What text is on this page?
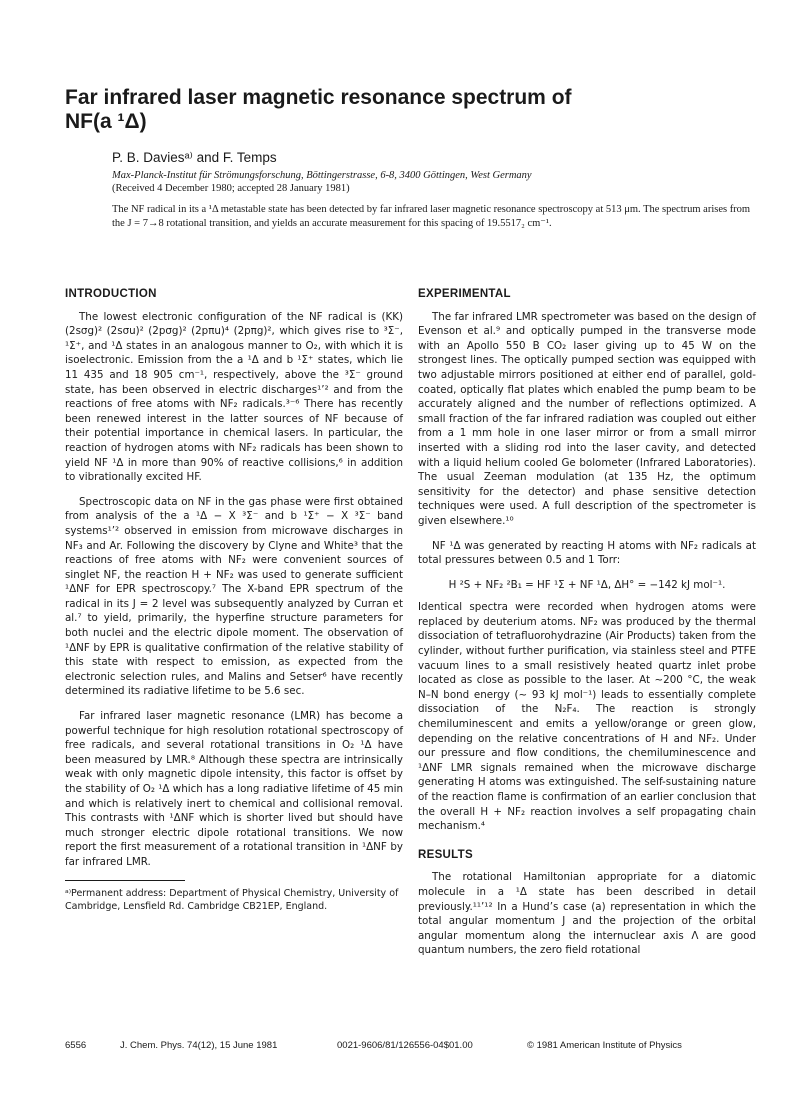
Far infrared laser magnetic resonance spectrum of
NF(a ¹Δ)

P. B. Daviesᵃ⁾ and F. Temps

Max-Planck-Institut für Strömungsforschung, Böttingerstrasse, 6-8, 3400 Göttingen, West Germany

(Received 4 December 1980; accepted 28 January 1981)

The NF radical in its a ¹Δ metastable state has been detected by far infrared laser magnetic resonance spectroscopy at 513 μm. The spectrum arises from the J = 7→8 rotational transition, and yields an accurate measurement for this spacing of 19.5517₂ cm⁻¹.

INTRODUCTION

The lowest electronic configuration of the NF radical is (KK) (2sσg)² (2sσu)² (2pσg)² (2pπu)⁴ (2pπg)², which gives rise to ³Σ⁻, ¹Σ⁺, and ¹Δ states in an analogous manner to O₂, with which it is isoelectronic. Emission from the a ¹Δ and b ¹Σ⁺ states, which lie 11 435 and 18 905 cm⁻¹, respectively, above the ³Σ⁻ ground state, has been observed in electric discharges¹ʼ² and from the reactions of free atoms with NF₂ radicals.³⁻⁶ There has recently been renewed interest in the latter sources of NF because of their potential importance in chemical lasers. In particular, the reaction of hydrogen atoms with NF₂ radicals has been shown to yield NF ¹Δ in more than 90% of reactive collisions,⁶ in addition to vibrationally excited HF.

Spectroscopic data on NF in the gas phase were first obtained from analysis of the a ¹Δ − X ³Σ⁻ and b ¹Σ⁺ − X ³Σ⁻ band systems¹ʼ² observed in emission from microwave discharges in NF₃ and Ar. Following the discovery by Clyne and White³ that the reactions of free atoms with NF₂ were convenient sources of singlet NF, the reaction H + NF₂ was used to generate sufficient ¹ΔNF for EPR spectroscopy.⁷ The X-band EPR spectrum of the radical in its J = 2 level was subsequently analyzed by Curran et al.⁷ to yield, primarily, the hyperfine structure parameters for both nuclei and the electric dipole moment. The observation of ¹ΔNF by EPR is qualitative confirmation of the relative stability of this state with respect to emission, as expected from the electronic selection rules, and Malins and Setser⁶ have recently determined its radiative lifetime to be 5.6 sec.

Far infrared laser magnetic resonance (LMR) has become a powerful technique for high resolution rotational spectroscopy of free radicals, and several rotational transitions in O₂ ¹Δ have been measured by LMR.⁸ Although these spectra are intrinsically weak with only magnetic dipole intensity, this factor is offset by the stability of O₂ ¹Δ which has a long radiative lifetime of 45 min and which is relatively inert to chemical and collisional removal. This contrasts with ¹ΔNF which is shorter lived but should have much stronger electric dipole rotational transitions. We now report the first measurement of a rotational transition in ¹ΔNF by far infrared LMR.

ᵃ⁾Permanent address: Department of Physical Chemistry, University of Cambridge, Lensfield Rd. Cambridge CB21EP, England.

EXPERIMENTAL

The far infrared LMR spectrometer was based on the design of Evenson et al.⁹ and optically pumped in the transverse mode with an Apollo 550 B CO₂ laser giving up to 45 W on the strongest lines. The optically pumped section was equipped with two adjustable mirrors positioned at either end of parallel, gold-coated, optically flat plates which enabled the pump beam to be accurately aligned and the number of reflections optimized. A small fraction of the far infrared radiation was coupled out either from a 1 mm hole in one laser mirror or from a small mirror inserted with a sliding rod into the laser cavity, and detected with a liquid helium cooled Ge bolometer (Infrared Laboratories). The usual Zeeman modulation (at 135 Hz, the optimum sensitivity for the detector) and phase sensitive detection techniques were used. A full description of the spectrometer is given elsewhere.¹⁰

NF ¹Δ was generated by reacting H atoms with NF₂ radicals at total pressures between 0.5 and 1 Torr:

H ²S + NF₂ ²B₁ = HF ¹Σ + NF ¹Δ, ΔH° = −142 kJ mol⁻¹.

Identical spectra were recorded when hydrogen atoms were replaced by deuterium atoms. NF₂ was produced by the thermal dissociation of tetrafluorohydrazine (Air Products) taken from the cylinder, without further purification, via stainless steel and PTFE vacuum lines to a small resistively heated quartz inlet probe located as close as possible to the laser. At ~200 °C, the weak N–N bond energy (~ 93 kJ mol⁻¹) leads to essentially complete dissociation of the N₂F₄. The reaction is strongly chemiluminescent and emits a yellow/orange or green glow, depending on the relative concentrations of H and NF₂. Under our pressure and flow conditions, the chemiluminescence and ¹ΔNF LMR signals remained when the microwave discharge generating H atoms was extinguished. The self-sustaining nature of the reaction flame is confirmation of an earlier conclusion that the overall H + NF₂ reaction involves a self propagating chain mechanism.⁴

RESULTS

The rotational Hamiltonian appropriate for a diatomic molecule in a ¹Δ state has been described in detail previously.¹¹ʼ¹² In a Hund’s case (a) representation in which the total angular momentum J and the projection of the orbital angular momentum along the internuclear axis Λ are good quantum numbers, the zero field rotational

6556	J. Chem. Phys. 74(12), 15 June 1981	0021-9606/81/126556-04$01.00	© 1981 American Institute of Physics
